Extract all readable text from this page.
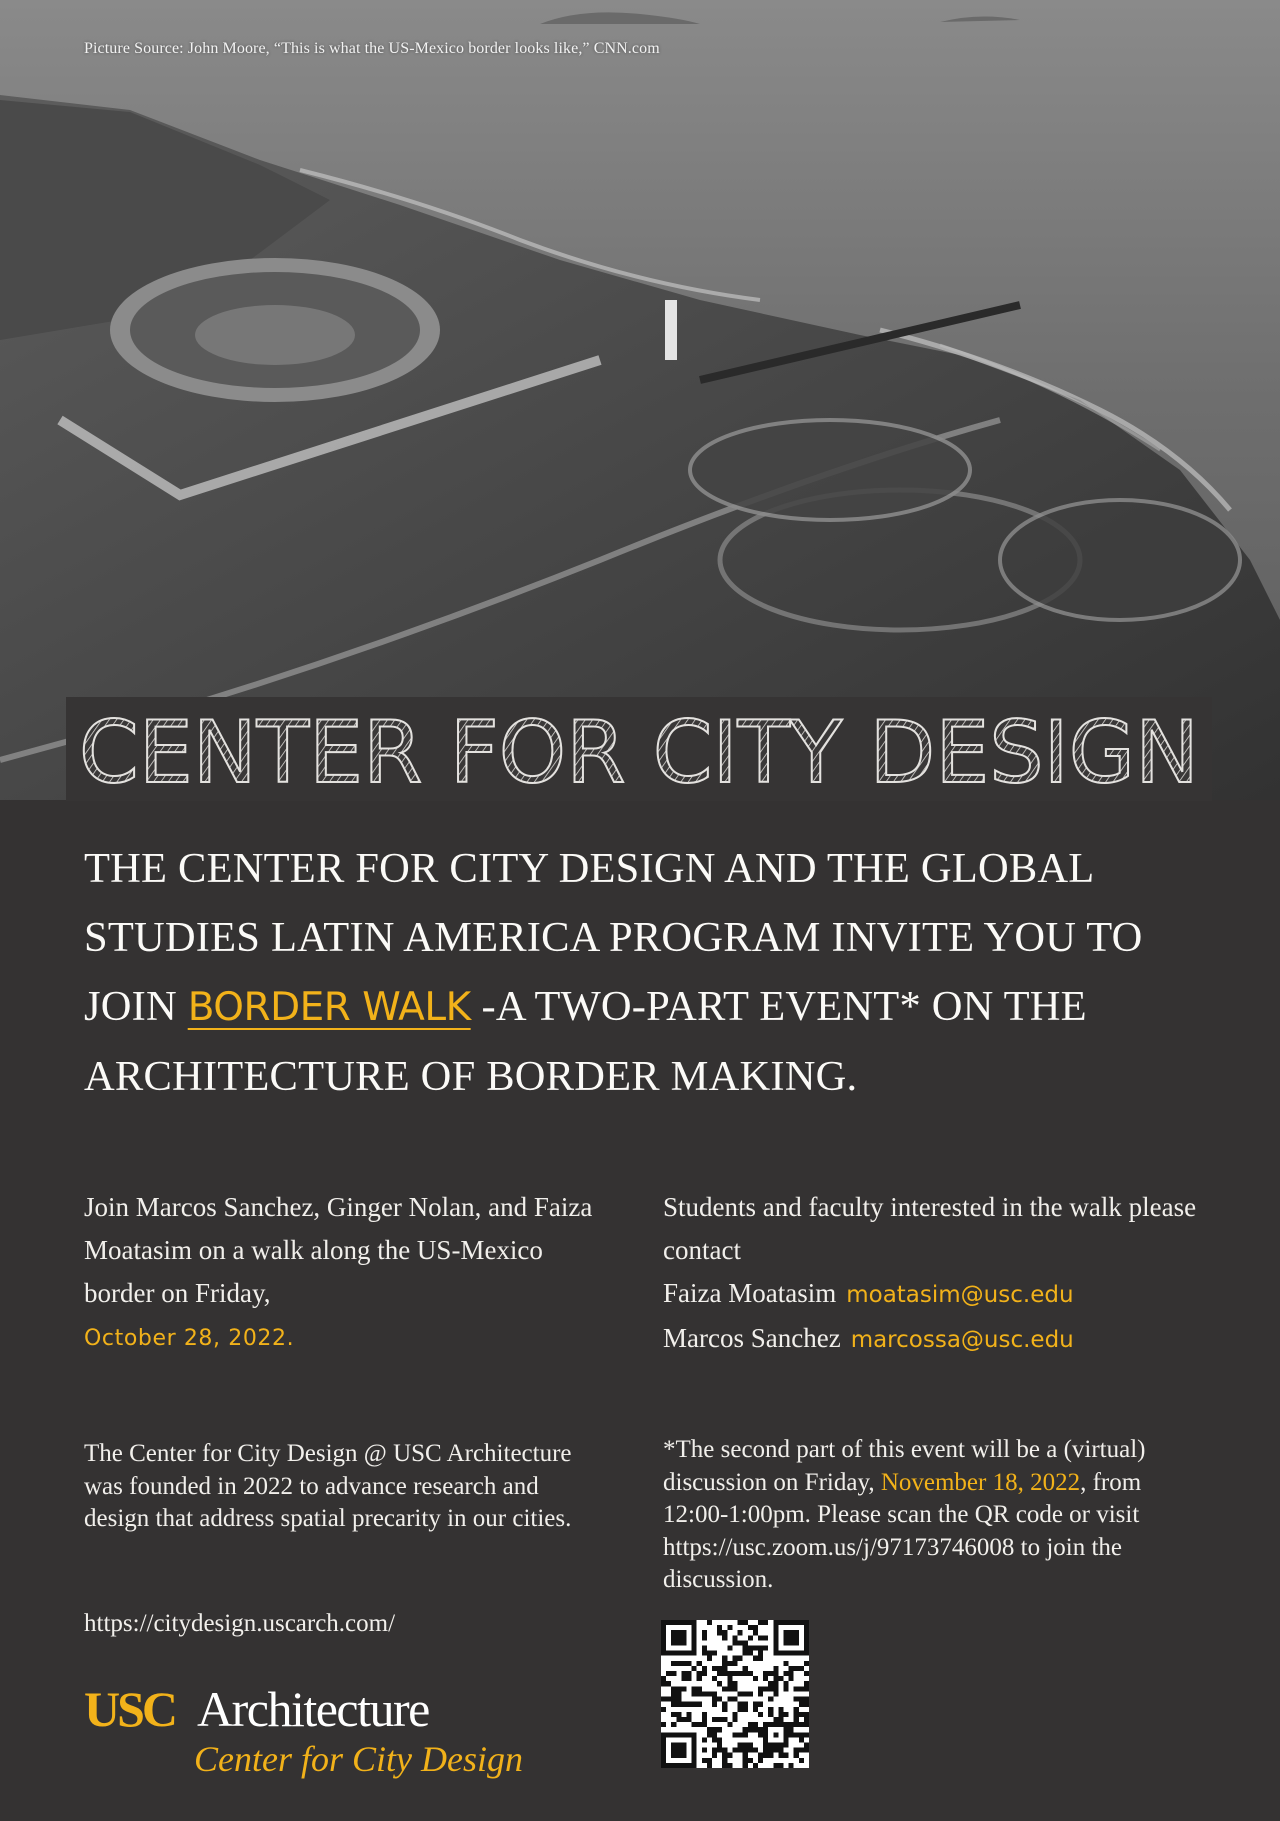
Picture Source: John Moore, “This is what the US-Mexico border looks like,” CNN.com
CENTER FOR CITY DESIGN
THE CENTER FOR CITY DESIGN AND THE GLOBAL STUDIES LATIN AMERICA PROGRAM INVITE YOU TO JOIN BORDER WALK -A TWO-PART EVENT* ON THE ARCHITECTURE OF BORDER MAKING.
Join Marcos Sanchez, Ginger Nolan, and Faiza Moatasim on a walk along the US-Mexico border on Friday,
October 28, 2022.
Students and faculty interested in the walk please contact
Faiza Moatasim moatasim@usc.edu
Marcos Sanchez marcossa@usc.edu
The Center for City Design @ USC Architecture was founded in 2022 to advance research and design that address spatial precarity in our cities.
https://citydesign.uscarch.com/
*The second part of this event will be a (virtual) discussion on Friday, November 18, 2022, from 12:00-1:00pm. Please scan the QR code or visit https://usc.zoom.us/j/97173746008 to join the discussion.
USC Architecture
Center for City Design
